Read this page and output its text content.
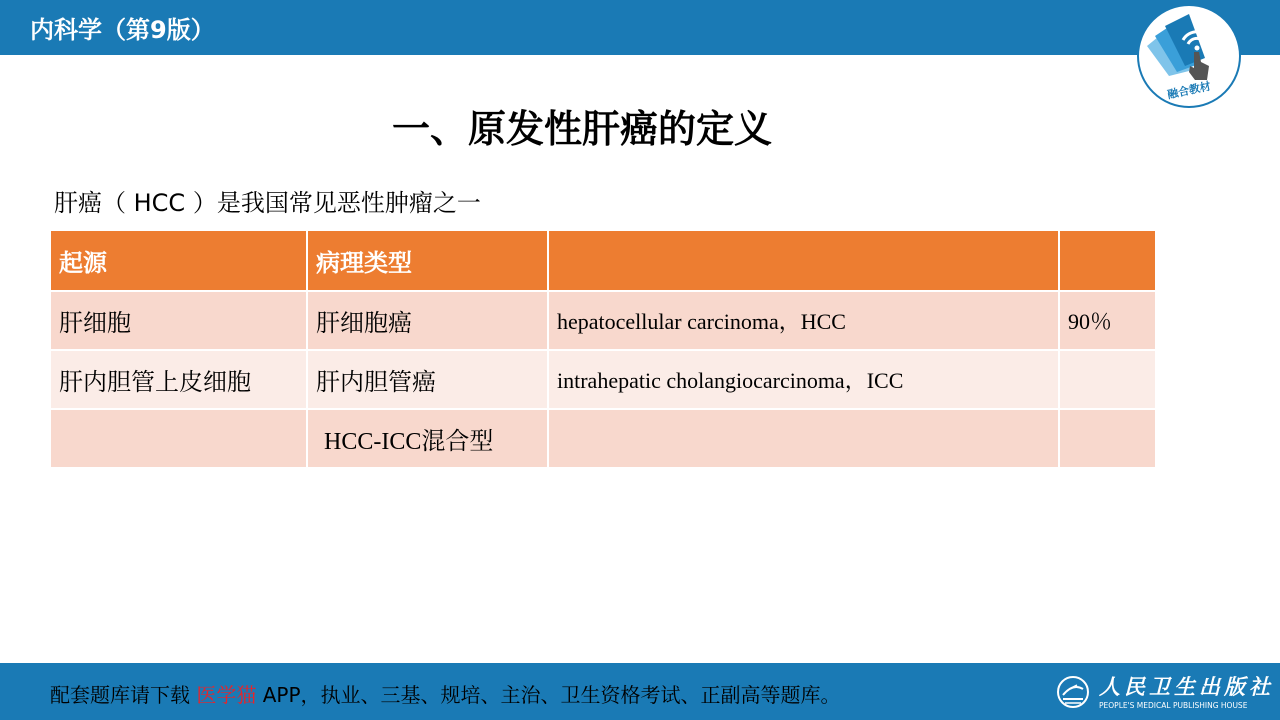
内科学（第9版）
融合教材
一、原发性肝癌的定义
肝癌（ HCC ）是我国常见恶性肿瘤之一
起源	病理类型		
肝细胞	肝细胞癌	hepatocellular carcinoma，HCC	90％
肝内胆管上皮细胞	肝内胆管癌	intrahepatic cholangiocarcinoma，ICC	
	HCC-ICC混合型		
配套题库请下载 医学猫 APP，执业、三基、规培、主治、卫生资格考试、正副高等题库。	人民卫生出版社
PEOPLE'S MEDICAL PUBLISHING HOUSE
